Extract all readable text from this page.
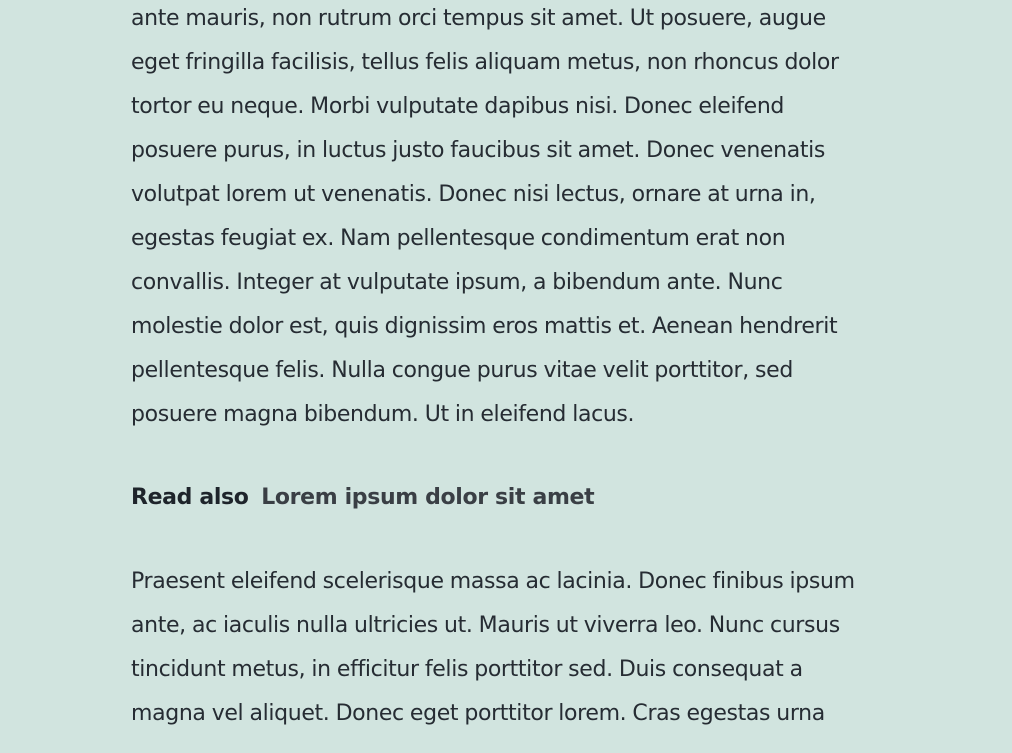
ante mauris, non rutrum orci tempus sit amet. Ut posuere, augue
eget fringilla facilisis, tellus felis aliquam metus, non rhoncus dolor
tortor eu neque. Morbi vulputate dapibus nisi. Donec eleifend
posuere purus, in luctus justo faucibus sit amet. Donec venenatis
volutpat lorem ut venenatis. Donec nisi lectus, ornare at urna in,
egestas feugiat ex. Nam pellentesque condimentum erat non
convallis. Integer at vulputate ipsum, a bibendum ante. Nunc
molestie dolor est, quis dignissim eros mattis et. Aenean hendrerit
pellentesque felis. Nulla congue purus vitae velit porttitor, sed
posuere magna bibendum. Ut in eleifend lacus.

Read also Lorem ipsum dolor sit amet

Praesent eleifend scelerisque massa ac lacinia. Donec finibus ipsum
ante, ac iaculis nulla ultricies ut. Mauris ut viverra leo. Nunc cursus
tincidunt metus, in efficitur felis porttitor sed. Duis consequat a
magna vel aliquet. Donec eget porttitor lorem. Cras egestas urna
